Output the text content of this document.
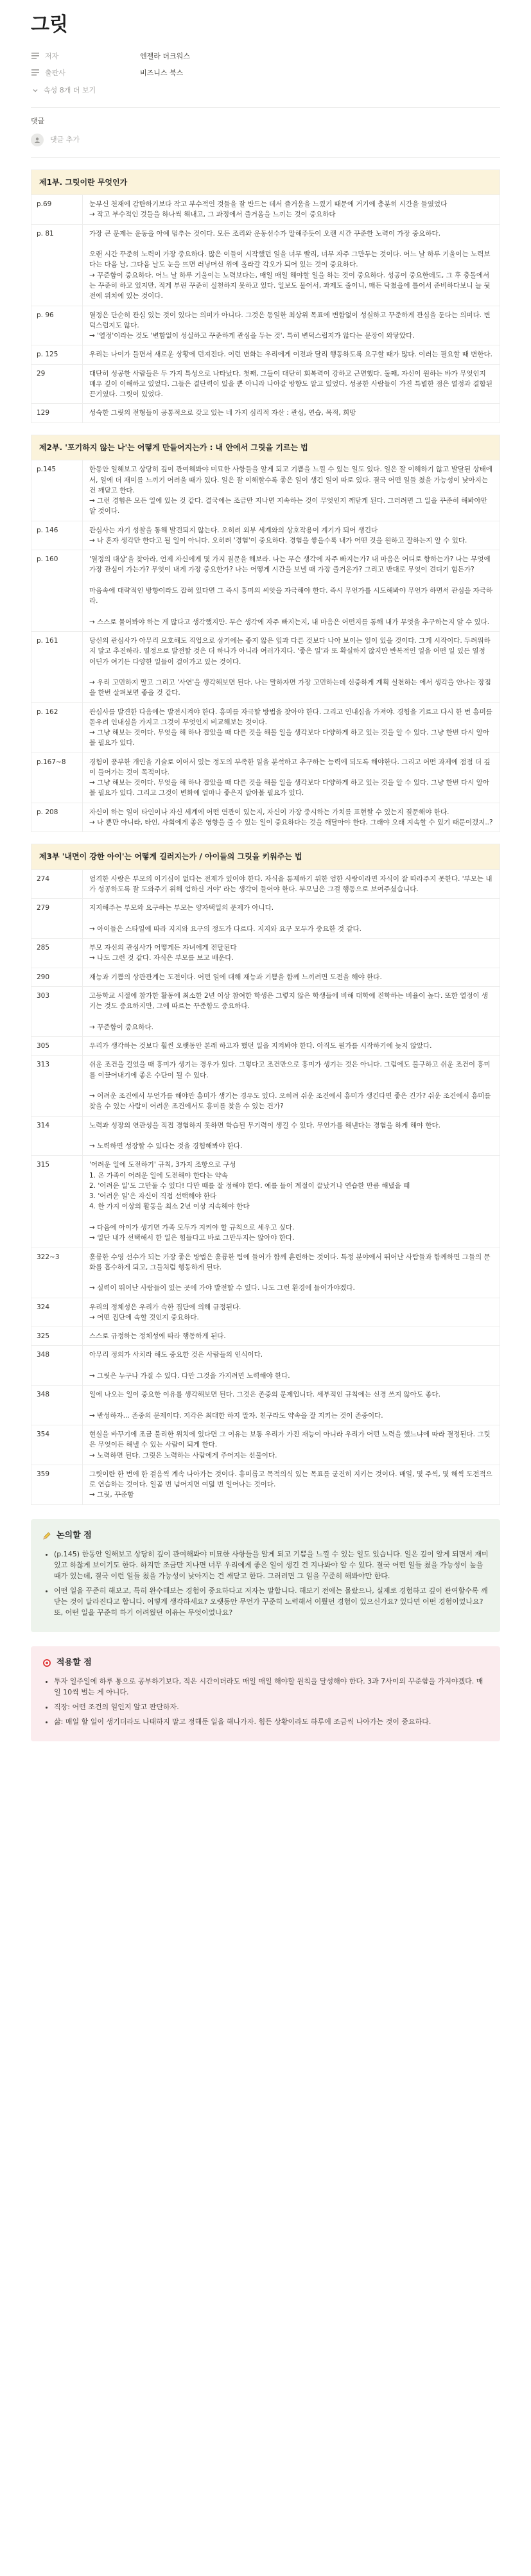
그릿
저자	엔젤라 더크워스
출판사	비즈니스 북스
속성 8개 더 보기
댓글
댓글 추가
제1부. 그릿이란 무엇인가
p.69	눈부신 천재에 감탄하기보다 작고 부수적인 것들을 잘 반드는 데서 즐거움을 느꼈기 때문에 거기에 충분히 시간을 들였었다
→ 작고 부수적인 것들을 하나씩 해내고, 그 과정에서 즐거움을 느끼는 것이 중요하다
p. 81	가장 큰 문제는 운동을 아예 멈추는 것이다. 모든 조리와 운동선수가 말해주듯이 오랜 시간 꾸준한 노력이 가장 중요하다.

오랜 시간 꾸준히 노력이 가장 중요하다. 많은 이들이 시작했던 일을 너무 빨리, 너무 자주 그만두는 것이다. 어느 날 하루 기울이는 노력보다는 다음 날, 그다음 날도 눈을 뜨면 러닝머신 위에 올라갈 각오가 되어 있는 것이 중요하다.
→ 꾸준함이 중요하다. 어느 날 하루 기울이는 노력보다는, 매일 매일 해야할 일을 하는 것이 중요하다. 성공이 중요한데도, 그 후 충돌에서는 꾸준히 하고 있지만, 적게 부린 꾸준히 실천하지 못하고 있다. 일보도 물어서, 과제도 줄이니, 매든 닥쳤을에 틀어서 준비하다보니 늘 뒷전에 위치에 있는 것이다.
p. 96	열정은 단순히 관심 있는 것이 있다는 의미가 아니다. 그것은 동일한 최상위 목표에 변함없이 성실하고 꾸준하게 관심을 둔다는 의미다. 변덕스럽지도 않다.
→ '열정'이라는 것도 '변함없이 성실하고 꾸준하게 관심을 두는 것'. 특히 변덕스럽지가 않다는 문장이 와닿았다.
p. 125	우리는 나이가 들면서 새로운 상황에 던져진다. 이런 변화는 우리에게 이전과 달리 행동하도록 요구할 때가 많다. 이러는 필요할 때 변한다.
29	대단히 성공한 사람들은 두 가지 특성으로 나타났다. 첫째, 그들이 대단히 회복력이 강하고 근면했다. 둘째, 자신이 원하는 바가 무엇인지 매우 깊이 이해하고 있었다. 그들은 결단력이 있을 뿐 아니라 나아갈 방향도 알고 있었다. 성공한 사람들이 가진 특별한 점은 열정과 결합된 끈기였다. 그릿이 있었다.
129	성숙한 그릿의 전형들이 공통적으로 갖고 있는 네 가지 심리적 자산 : 관심, 연습, 목적, 희망
제2부. '포기하지 않는 나'는 어떻게 만들어지는가 : 내 안에서 그릿을 기르는 법
p.145	한동안 일해보고 상당히 깊이 관여해봐야 미묘한 사항들을 알게 되고 기쁨을 느낄 수 있는 일도 있다. 일은 잘 이해하기 않고 발달된 상태에서, 일에 더 재미를 느끼기 어려울 때가 있다. 일은 잘 이해할수록 좋은 일이 생긴 일이 따로 있다. 결국 어떤 일들 쳤을 가능성이 낮아지는 건 깨닫고 한다.
→ 그런 경험은 모든 일에 있는 것 같다. 결국에는 조금만 지나면 지속하는 것이 무엇인지 깨닫게 된다. 그러려면 그 일을 꾸준히 해봐야만 알 것이다.
p. 146	관심사는 자기 성찰을 통해 발견되지 않는다. 오히려 외부 세계와의 상호작용이 계기가 되어 생긴다
→ 나 혼자 생각만 한다고 될 일이 아니다. 오히려 '경험'이 중요하다. 경험을 쌓을수록 내가 어떤 것을 원하고 잘하는지 알 수 있다.
p. 160	'열정의 대상'을 찾아라, 언제 자신에게 몇 가지 질문을 해보라. 나는 무슨 생각에 자주 빠지는가? 내 마음은 어디로 향하는가? 나는 무엇에 가장 관심이 가는가? 무엇이 내게 가장 중요한가? 나는 어떻게 시간을 보낼 때 가장 즐거운가? 그리고 반대로 무엇이 견디기 힘든가?

마음속에 대략적인 방향이라도 잡혀 있다면 그 즉시 흥미의 씨앗을 자극해야 한다. 즉시 무언가를 시도해봐야 무언가 하면서 관심을 자극하라.

→ 스스로 물어봐야 하는 게 많다고 생각했지만. 무슨 생각에 자주 빠지는지, 내 마음은 어떤지를 통해 내가 무엇을 추구하는지 알 수 있다.
p. 161	당신의 관심사가 아무리 모호해도 직업으로 삼기에는 좋지 않은 잎과 다른 것보다 나아 보이는 잎이 있을 것이다. 그게 시작이다. 두려워하지 말고 추진하라. 열정으로 발전할 것은 더 하나가 아니라 여러가지다. '좋은 일'과 또 확실하지 않지만 반복적인 일을 어떤 일 있든 열정 어딘가 여기든 다양한 일들이 걸어가고 있는 것이다.

→ 우리 고민하지 말고 그리고 '사연'을 생각해보면 된다. 나는 말하자면 가장 고민하는데 신중하게 계획 실천하는 에서 생각을 안나는 장점을 한번 살펴보면 좋을 것 같다.
p. 162	관심사를 발견한 다음에는 발전시켜야 한다. 흥미를 자극할 방법을 찾아야 한다. 그리고 인내심을 가져야. 경험을 기르고 다시 한 번 흥미를 돋우려 인내심을 가지고 그것이 무엇인지 비교해보는 것이다.
→ 그냥 해보는 것이다. 무엇을 해 하나 잡았을 때 다른 것을 해볼 일을 생각보다 다양하게 하고 있는 것을 알 수 있다. 그냥 한번 다시 알아볼 필요가 있다.
p.167~8	경험이 풍부한 개인을 기술로 이어서 있는 정도의 부족한 일을 분석하고 추구하는 능력에 되도록 해야한다. 그리고 어떤 과제에 점점 더 깊이 들어가는 것이 목적이다.
→ 그냥 해보는 것이다. 무엇을 해 하나 잡았을 때 다른 것을 해볼 일을 생각보다 다양하게 하고 있는 것을 알 수 있다. 그냥 한번 다시 알아볼 필요가 있다. 그리고 그것이 변화에 얼마나 좋은지 알아볼 필요가 있다.
p. 208	자신이 하는 일이 타인이나 자신 세계에 어떤 연관이 있는지, 자신이 가장 중시하는 가치를 표현할 수 있는지 질문해야 한다.
→ 나 뿐만 아니라, 타인, 사회에게 좋은 영향을 줄 수 있는 일이 중요하다는 것을 깨달아야 한다. 그래야 오래 지속할 수 있기 때문이겠지..?
제3부 '내면이 강한 아이'는 어떻게 길러지는가 / 아이들의 그릿을 키워주는 법
274	엄격한 사랑은 부모의 이기심이 없다는 전제가 있어야 한다. 자식을 통제하기 위한 엄한 사랑이라면 자식이 잘 따라주지 못한다. '부모는 내가 성공하도록 잘 도와주기 위해 엄하신 거야' 라는 생각이 들어야 한다. 부모님은 그걸 행동으로 보여주셨습니다.
279	지지해주는 부모와 요구하는 부모는 양자택일의 문제가 아니다.

→ 아이들은 스타일에 따라 지지와 요구의 정도가 다르다. 지지와 요구 모두가 중요한 것 같다.
285	부모 자신의 관심사가 어떻게든 자녀에게 전달된다
→ 나도 그런 것 같다. 자식은 부모를 보고 배운다.
290	재능과 기쁨의 상관관계는 도전이다. 어떤 일에 대해 재능과 기쁨을 함께 느끼려면 도전을 해야 한다.
303	고등학교 시절에 참가한 활동에 최소한 2년 이상 참여한 학생은 그렇지 않은 학생들에 비해 대학에 진학하는 비율이 높다. 또한 열정이 생기는 것도 중요하지만, 그에 따르는 꾸준함도 중요하다.

→ 꾸준함이 중요하다.
305	우리가 생각하는 것보다 훨씬 오랫동안 본래 하고자 했던 일을 지켜봐야 한다. 아직도 뭔가를 시작하기에 늦지 않았다.
313	쉬운 조건을 걸었을 때 흥미가 생기는 경우가 있다. 그렇다고 조건만으로 흥미가 생기는 것은 아니다. 그럼에도 불구하고 쉬운 조건이 흥미를 이끌어내기에 좋은 수단이 될 수 있다.

→ 어려운 조건에서 무언가를 해야만 흥미가 생기는 경우도 있다. 오히려 쉬운 조건에서 흥미가 생긴다면 좋은 건가? 쉬운 조건에서 흥미를 찾을 수 있는 사람이 어려운 조건에서도 흥미를 찾을 수 있는 건가?
314	노력과 성장의 연관성을 직접 경험하지 못하면 학습된 무기력이 생길 수 있다. 무언가를 해낸다는 경험을 하게 해야 한다.

→ 노력하면 성장할 수 있다는 것을 경험해봐야 한다.
315	'어려운 일에 도전하기' 규칙, 3가지 조항으로 구성
1. 온 가족이 어려운 일에 도전해야 한다는 약속
2. '어려운 일'도 그만둘 수 있다! 다만 때를 잘 정해야 한다. 예를 들어 계절이 끝났거나 연습한 만큼 해냈을 때
3. '어려운 일'은 자신이 직접 선택해야 한다
4. 한 가지 이상의 활동을 최소 2년 이상 지속해야 한다

→ 다음에 아이가 생기면 가족 모두가 지켜야 할 규칙으로 세우고 싶다.
→ 일단 내가 선택해서 한 일은 힘들다고 바로 그만두지는 않아야 한다.
322~3	훌륭한 수영 선수가 되는 가장 좋은 방법은 훌륭한 팀에 들어가 함께 훈련하는 것이다. 특정 분야에서 뛰어난 사람들과 함께하면 그들의 문화를 흡수하게 되고, 그들처럼 행동하게 된다.

→ 실력이 뛰어난 사람들이 있는 곳에 가야 발전할 수 있다. 나도 그런 환경에 들어가야겠다.
324	우리의 정체성은 우리가 속한 집단에 의해 규정된다.
→ 어떤 집단에 속할 것인지 중요하다.
325	스스로 규정하는 정체성에 따라 행동하게 된다.
348	아무리 정의가 사치라 해도 중요한 것은 사람들의 인식이다.

→ 그릿은 누구나 가질 수 있다. 다만 그것을 가지려면 노력해야 한다.
348	일에 나오는 일이 중요한 이유를 생각해보면 된다. 그것은 존중의 문제입니다. 세부적인 규칙에는 신경 쓰지 않아도 좋다.

→ 반성하자... 존중의 문제이다. 지각은 최대한 하지 말자. 친구라도 약속을 잘 지키는 것이 존중이다.
354	현실을 바꾸기에 조금 불리한 위치에 있다면 그 이유는 보통 우리가 가진 재능이 아니라 우리가 어떤 노력을 했느냐에 따라 결정된다. 그릿은 무엇이든 해낼 수 있는 사람이 되게 한다.
→ 노력하면 된다. 그릿은 노력하는 사람에게 주어지는 선물이다.
359	그릿이란 한 번에 한 걸음씩 계속 나아가는 것이다. 흥미롭고 목적의식 있는 목표를 굳건히 지키는 것이다. 매일, 몇 주씩, 몇 해씩 도전적으로 연습하는 것이다. 일곱 번 넘어지면 여덟 번 일어나는 것이다.
→ 그릿, 꾸준함
논의할 점
• (p.145) 한동안 일해보고 상당히 깊이 관여해봐야 미묘한 사항들을 알게 되고 기쁨을 느낄 수 있는 일도 있습니다. 일은 깊이 알게 되면서 재미있고 하찮게 보이기도 한다. 하지만 조금만 지나면 너무 우리에게 좋은 일이 생긴 건 지나봐야 알 수 있다. 결국 어떤 일들 쳤을 가능성이 높을 때가 있는데, 결국 이런 일들 쳤을 가능성이 낮아지는 건 깨닫고 한다. 그러려면 그 일을 꾸준히 해봐야만 한다.
• 어떤 일을 꾸준히 해보고, 특히 완수해보는 경험이 중요하다고 저자는 말합니다. 해보기 전에는 몰랐으나, 실제로 경험하고 깊이 관여할수록 깨닫는 것이 달라진다고 합니다. 어떻게 생각하세요? 오랫동안 무언가 꾸준히 노력해서 이뤘던 경험이 있으신가요? 있다면 어떤 경험이었나요? 또, 어떤 일을 꾸준히 하기 어려웠던 이유는 무엇이었나요?
적용할 점
• 투자 일주일에 하루 통으로 공부하기보다, 적은 시간이더라도 매일 매일 해야할 원칙을 달성해야 한다. 3과 7사이의 꾸준함을 가져야겠다. 매일 10씩 벌는 게 아니다.
• 직장: 어떤 조건의 일인지 알고 판단하자.
• 삶: 매일 할 일이 생기더라도 나태하지 말고 정해둔 일을 해나가자. 힘든 상황이라도 하루에 조금씩 나아가는 것이 중요하다.
